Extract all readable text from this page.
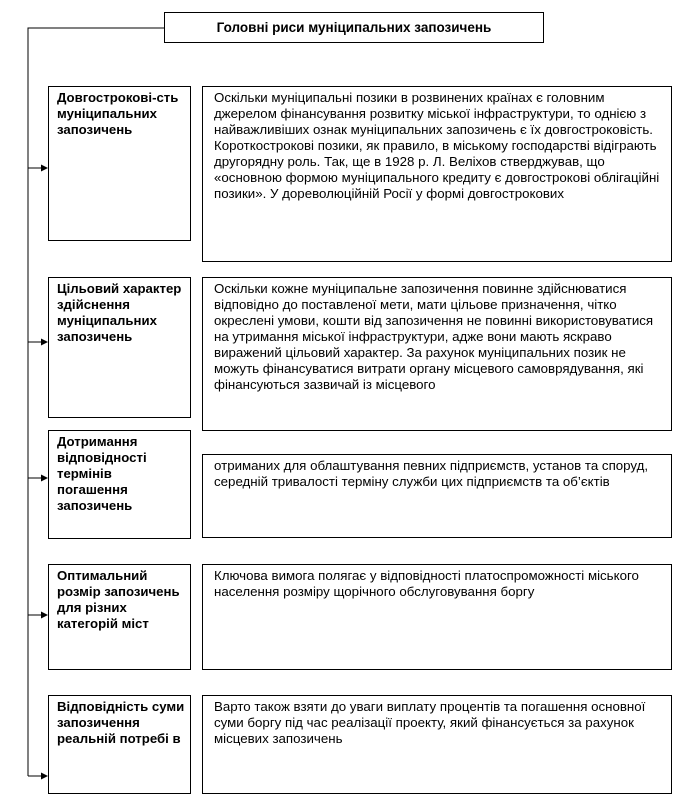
Головні риси муніципальних запозичень
Довгострокові-сть муніципальних запозичень
Оскільки муніципальні позики в розвинених країнах є головним джерелом фінансування розвитку міської інфраструктури, то однією з найважливіших ознак муніципальних запозичень є їх довгостроковість. Короткострокові позики, як правило, в міському господарстві відіграють другорядну роль. Так, ще в 1928 р. Л. Веліхов стверджував, що «основною формою муніципального кредиту є довгострокові облігаційні позики». У дореволюційній Росії у формі довгострокових
Цільовий характер здійснення муніципальних запозичень
Оскільки кожне муніципальне запозичення повинне здійснюватися відповідно до поставленої мети, мати цільове призначення, чітко окреслені умови, кошти від запозичення не повинні використовуватися на утримання міської інфраструктури, адже вони мають яскраво виражений цільовий характер. За рахунок муніципальних позик не можуть фінансуватися витрати органу місцевого самоврядування, які фінансуються зазвичай із місцевого
Дотримання відповідності термінів погашення запозичень
отриманих для облаштування певних підприємств, установ та споруд, середній тривалості терміну служби цих підприємств та об’єктів
Оптимальний розмір запозичень для різних категорій міст
Ключова вимога полягає у відповідності платоспроможності міського населення розміру щорічного обслуговування боргу
Відповідність суми запозичення реальній потребі в
Варто також взяти до уваги виплату процентів та погашення основної суми боргу під час реалізації проекту, який фінансується за рахунок місцевих запозичень
